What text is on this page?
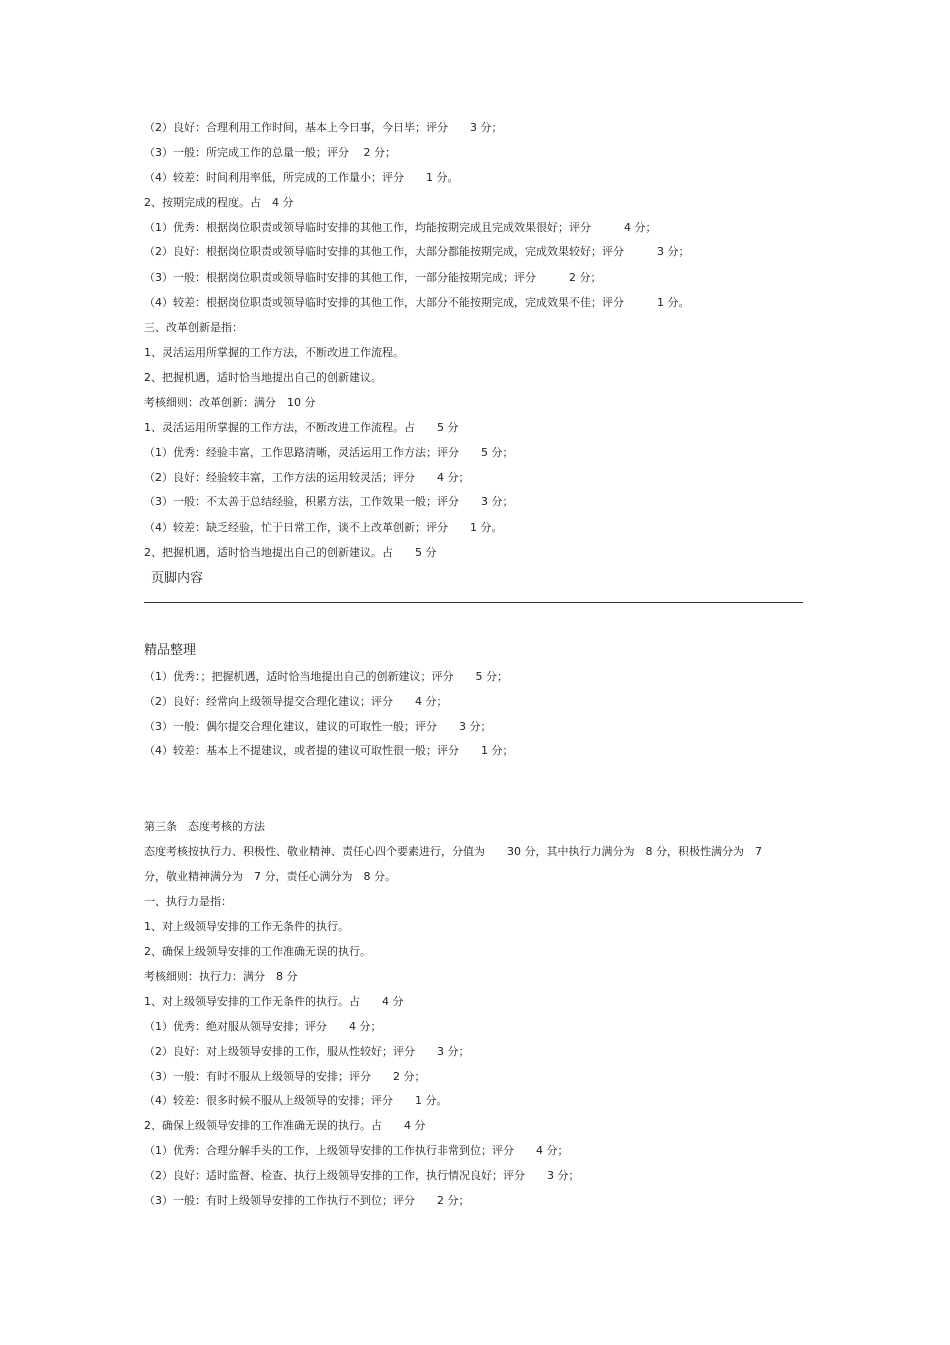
（2）良好：合理利用工作时间，基本上今日事，今日毕；评分　　3 分；
（3）一般：所完成工作的总量一般；评分　 2 分；
（4）较差：时间利用率低，所完成的工作量小；评分　　1 分。
2、按期完成的程度。占　4 分
（1）优秀：根据岗位职责或领导临时安排的其他工作，均能按期完成且完成效果很好；评分　　　4 分；
（2）良好：根据岗位职责或领导临时安排的其他工作，大部分都能按期完成，完成效果较好；评分　　　3 分；
（3）一般：根据岗位职责或领导临时安排的其他工作，一部分能按期完成；评分　　　2 分；
（4）较差：根据岗位职责或领导临时安排的其他工作，大部分不能按期完成，完成效果不佳；评分　　　1 分。
三、改革创新是指：
1、灵活运用所掌握的工作方法，不断改进工作流程。
2、把握机遇，适时恰当地提出自己的创新建议。
考核细则：改革创新：满分　10 分
1、灵活运用所掌握的工作方法，不断改进工作流程。占　　5 分
（1）优秀：经验丰富，工作思路清晰，灵活运用工作方法；评分　　5 分；
（2）良好：经验较丰富，工作方法的运用较灵活；评分　　4 分；
（3）一般：不太善于总结经验，积累方法，工作效果一般；评分　　3 分；
（4）较差：缺乏经验，忙于日常工作，谈不上改革创新；评分　　1 分。
2、把握机遇，适时恰当地提出自己的创新建议。占　　5 分
页脚内容
精品整理
（1）优秀：；把握机遇，适时恰当地提出自己的创新建议；评分　　5 分；
（2）良好：经常向上级领导提交合理化建议；评分　　4 分；
（3）一般：偶尔提交合理化建议，建议的可取性一般；评分　　3 分；
（4）较差：基本上不提建议，或者提的建议可取性很一般；评分　　1 分；
第三条　态度考核的方法
态度考核按执行力、积极性、敬业精神、责任心四个要素进行，分值为　　30 分，其中执行力满分为　8 分，积极性满分为　7
分，敬业精神满分为　7 分，责任心满分为　8 分。
一、执行力是指：
1、对上级领导安排的工作无条件的执行。
2、确保上级领导安排的工作准确无误的执行。
考核细则：执行力：满分　8 分
1、对上级领导安排的工作无条件的执行。占　　4 分
（1）优秀：绝对服从领导安排；评分　　4 分；
（2）良好：对上级领导安排的工作，服从性较好；评分　　3 分；
（3）一般：有时不服从上级领导的安排；评分　　2 分；
（4）较差：很多时候不服从上级领导的安排；评分　　1 分。
2、确保上级领导安排的工作准确无误的执行。占　　4 分
（1）优秀：合理分解手头的工作，上级领导安排的工作执行非常到位；评分　　4 分；
（2）良好：适时监督、检查、执行上级领导安排的工作，执行情况良好；评分　　3 分；
（3）一般：有时上级领导安排的工作执行不到位；评分　　2 分；
